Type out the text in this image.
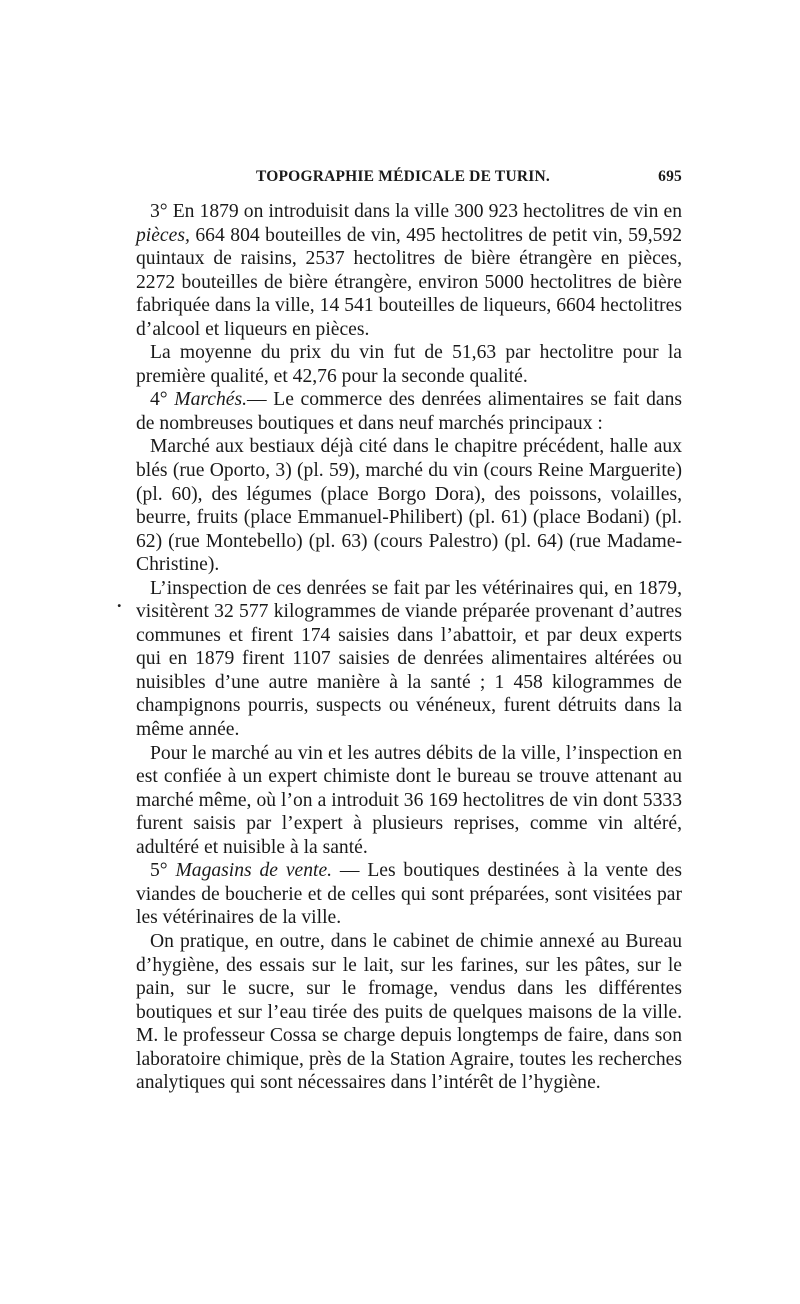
TOPOGRAPHIE MÉDICALE DE TURIN.	695

3° En 1879 on introduisit dans la ville 300 923 hectolitres de vin en pièces, 664 804 bouteilles de vin, 495 hectolitres de petit vin, 59,592 quintaux de raisins, 2537 hectolitres de bière étrangère en pièces, 2272 bouteilles de bière étrangère, environ 5000 hectolitres de bière fabriquée dans la ville, 14 541 bouteilles de liqueurs, 6604 hectolitres d’alcool et liqueurs en pièces.

La moyenne du prix du vin fut de 51,63 par hectolitre pour la première qualité, et 42,76 pour la seconde qualité.

4° Marchés.— Le commerce des denrées alimentaires se fait dans de nombreuses boutiques et dans neuf marchés principaux :

Marché aux bestiaux déjà cité dans le chapitre précédent, halle aux blés (rue Oporto, 3) (pl. 59), marché du vin (cours Reine Marguerite)(pl. 60), des légumes (place Borgo Dora), des poissons, volailles, beurre, fruits (place Emmanuel-Philibert) (pl. 61) (place Bodani) (pl. 62) (rue Montebello) (pl. 63) (cours Palestro) (pl. 64) (rue Madame-Christine).

L’inspection de ces denrées se fait par les vétérinaires qui, en 1879, visitèrent 32 577 kilogrammes de viande préparée provenant d’autres communes et firent 174 saisies dans l’abattoir, et par deux experts qui en 1879 firent 1107 saisies de denrées alimentaires altérées ou nuisibles d’une autre manière à la santé ; 1 458 kilogrammes de champignons pourris, suspects ou vénéneux, furent détruits dans la même année.

Pour le marché au vin et les autres débits de la ville, l’inspection en est confiée à un expert chimiste dont le bureau se trouve attenant au marché même, où l’on a introduit 36 169 hectolitres de vin dont 5333 furent saisis par l’expert à plusieurs reprises, comme vin altéré, adultéré et nuisible à la santé.

5° Magasins de vente. — Les boutiques destinées à la vente des viandes de boucherie et de celles qui sont préparées, sont visitées par les vétérinaires de la ville.

On pratique, en outre, dans le cabinet de chimie annexé au Bureau d’hygiène, des essais sur le lait, sur les farines, sur les pâtes, sur le pain, sur le sucre, sur le fromage, vendus dans les différentes boutiques et sur l’eau tirée des puits de quelques maisons de la ville. M. le professeur Cossa se charge depuis longtemps de faire, dans son laboratoire chimique, près de la Station Agraire, toutes les recherches analytiques qui sont nécessaires dans l’intérêt de l’hygiène.

.
